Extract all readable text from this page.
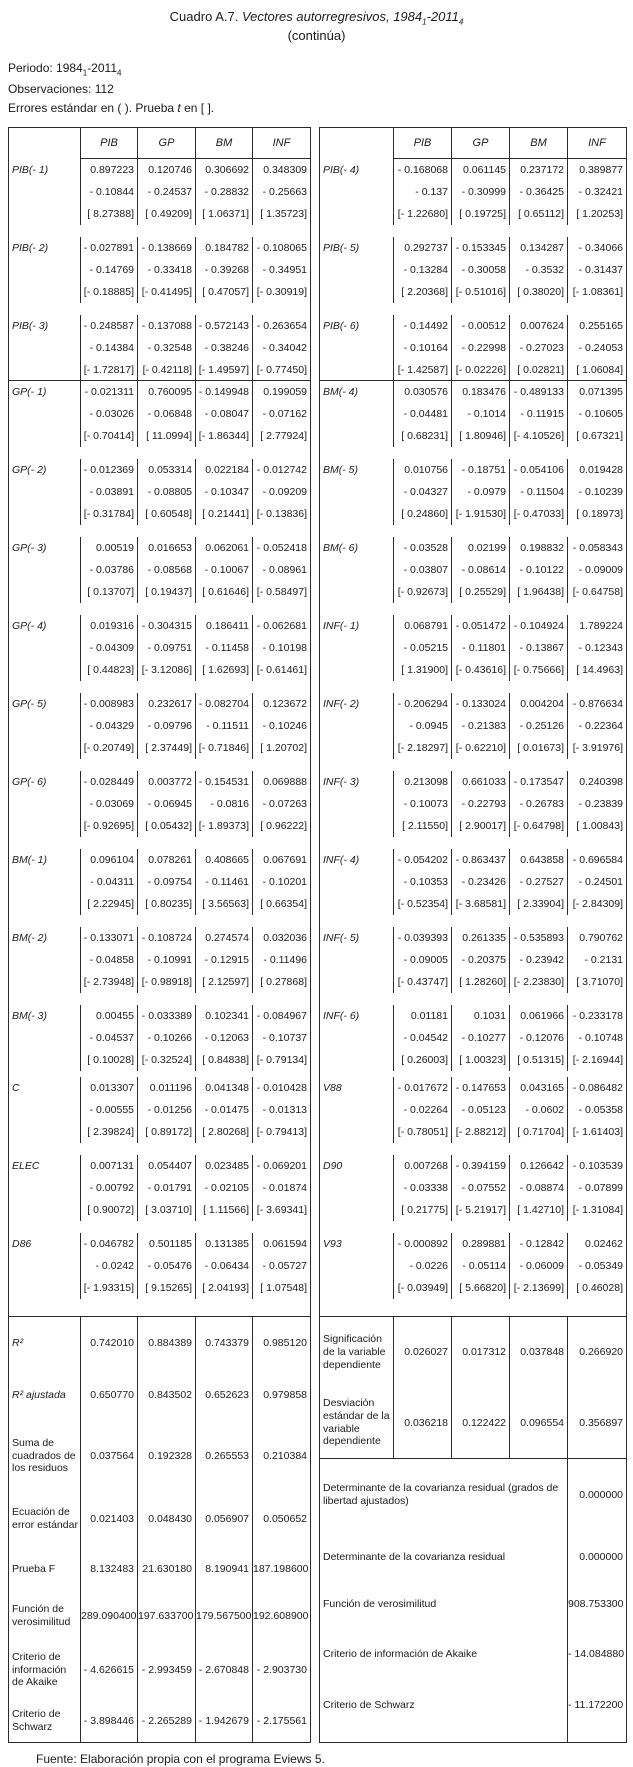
Cuadro A.7. Vectores autorregresivos, $1984_1-2011_4$
(continúa)
Periodo: $1984_1-2011_4$
Observaciones: 112
Errores estándar en ( ). Prueba t en [ ].
	PIB	GP	BM	INF
PIB(- 1)	0.897223	0.120746	0.306692	0.348309
	- 0.10844	- 0.24537	- 0.28832	- 0.25663
	[ 8.27388]	[ 0.49209]	[ 1.06371]	[ 1.35723]

PIB(- 2)	- 0.027891	- 0.138669	0.184782	- 0.108065
	- 0.14769	- 0.33418	- 0.39268	- 0.34951
	[- 0.18885]	[- 0.41495]	[ 0.47057]	[- 0.30919]

PIB(- 3)	- 0.248587	- 0.137088	- 0.572143	- 0.263654
	- 0.14384	- 0.32548	- 0.38246	- 0.34042
	[- 1.72817]	[- 0.42118]	[- 1.49597]	[- 0.77450]
GP(- 1)	- 0.021311	0.760095	- 0.149948	0.199059
	- 0.03026	- 0.06848	- 0.08047	- 0.07162
	[- 0.70414]	[ 11.0994]	[- 1.86344]	[ 2.77924]

GP(- 2)	- 0.012369	0.053314	0.022184	- 0.012742
	- 0.03891	- 0.08805	- 0.10347	- 0.09209
	[- 0.31784]	[ 0.60548]	[ 0.21441]	[- 0.13836]

GP(- 3)	0.00519	0.016653	0.062061	- 0.052418
	- 0.03786	- 0.08568	- 0.10067	- 0.08961
	[ 0.13707]	[ 0.19437]	[ 0.61646]	[- 0.58497]

GP(- 4)	0.019316	- 0.304315	0.186411	- 0.062681
	- 0.04309	- 0.09751	- 0.11458	- 0.10198
	[ 0.44823]	[- 3.12086]	[ 1.62693]	[- 0.61461]

GP(- 5)	- 0.008983	0.232617	- 0.082704	0.123672
	- 0.04329	- 0.09796	- 0.11511	- 0.10246
	[- 0.20749]	[ 2.37449]	[- 0.71846]	[ 1.20702]

GP(- 6)	- 0.028449	0.003772	- 0.154531	0.069888
	- 0.03069	- 0.06945	- 0.0816	- 0.07263
	[- 0.92695]	[ 0.05432]	[- 1.89373]	[ 0.96222]

BM(- 1)	0.096104	0.078261	0.408665	0.067691
	- 0.04311	- 0.09754	- 0.11461	- 0.10201
	[ 2.22945]	[ 0.80235]	[ 3.56563]	[ 0.66354]

BM(- 2)	- 0.133071	- 0.108724	0.274574	0.032036
	- 0.04858	- 0.10991	- 0.12915	- 0.11496
	[- 2.73948]	[- 0.98918]	[ 2.12597]	[ 0.27868]

BM(- 3)	0.00455	- 0.033389	0.102341	- 0.084967
	- 0.04537	- 0.10266	- 0.12063	- 0.10737
	[ 0.10028]	[- 0.32524]	[ 0.84838]	[- 0.79134]

C	0.013307	0.011196	0.041348	- 0.010428
	- 0.00555	- 0.01256	- 0.01475	- 0.01313
	[ 2.39824]	[ 0.89172]	[ 2.80268]	[- 0.79413]

ELEC	0.007131	0.054407	0.023485	- 0.069201
	- 0.00792	- 0.01791	- 0.02105	- 0.01874
	[ 0.90072]	[ 3.03710]	[ 1.11566]	[- 3.69341]

D86	- 0.046782	0.501185	0.131385	0.061594
	- 0.0242	- 0.05476	- 0.06434	- 0.05727
	[- 1.93315]	[ 9.15265]	[ 2.04193]	[ 1.07548]

R²	0.742010	0.884389	0.743379	0.985120
R² ajustada	0.650770	0.843502	0.652623	0.979858
Suma de cuadrados de los residuos	0.037564	0.192328	0.265553	0.210384
Ecuación de error estándar	0.021403	0.048430	0.056907	0.050652
Prueba F	8.132483	21.630180	8.190941	187.198600
Función de verosimilitud	289.090400	197.633700	179.567500	192.608900
Criterio de información de Akaike	- 4.626615	- 2.993459	- 2.670848	- 2.903730
Criterio de Schwarz	- 3.898446	- 2.265289	- 1.942679	- 2.175561
	PIB	GP	BM	INF
PIB(- 4)	- 0.168068	0.061145	0.237172	0.389877
	- 0.137	- 0.30999	- 0.36425	- 0.32421
	[- 1.22680]	[ 0.19725]	[ 0.65112]	[ 1.20253]

PIB(- 5)	0.292737	- 0.153345	0.134287	- 0.34066
	- 0.13284	- 0.30058	- 0.3532	- 0.31437
	[ 2.20368]	[- 0.51016]	[ 0.38020]	[- 1.08361]

PIB(- 6)	- 0.14492	- 0.00512	0.007624	0.255165
	- 0.10164	- 0.22998	- 0.27023	- 0.24053
	[- 1.42587]	[- 0.02226]	[ 0.02821]	[ 1.06084]
BM(- 4)	0.030576	0.183476	- 0.489133	0.071395
	- 0.04481	- 0.1014	- 0.11915	- 0.10605
	[ 0.68231]	[ 1.80946]	[- 4.10526]	[ 0.67321]

BM(- 5)	0.010756	- 0.18751	- 0.054106	0.019428
	- 0.04327	- 0.0979	- 0.11504	- 0.10239
	[ 0.24860]	[- 1.91530]	[- 0.47033]	[ 0.18973]

BM(- 6)	- 0.03528	0.02199	0.198832	- 0.058343
	- 0.03807	- 0.08614	- 0.10122	- 0.09009
	[- 0.92673]	[ 0.25529]	[ 1.96438]	[- 0.64758]

INF(- 1)	0.068791	- 0.051472	- 0.104924	1.789224
	- 0.05215	- 0.11801	- 0.13867	- 0.12343
	[ 1.31900]	[- 0.43616]	[- 0.75666]	[ 14.4963]

INF(- 2)	- 0.206294	- 0.133024	0.004204	- 0.876634
	- 0.0945	- 0.21383	- 0.25126	- 0.22364
	[- 2.18297]	[- 0.62210]	[ 0.01673]	[- 3.91976]

INF(- 3)	0.213098	0.661033	- 0.173547	0.240398
	- 0.10073	- 0.22793	- 0.26783	- 0.23839
	[ 2.11550]	[ 2.90017]	[- 0.64798]	[ 1.00843]

INF(- 4)	- 0.054202	- 0.863437	0.643858	- 0.696584
	- 0.10353	- 0.23426	- 0.27527	- 0.24501
	[- 0.52354]	[- 3.68581]	[ 2.33904]	[- 2.84309]

INF(- 5)	- 0.039393	0.261335	- 0.535893	0.790762
	- 0.09005	- 0.20375	- 0.23942	- 0.2131
	[- 0.43747]	[ 1.28260]	[- 2.23830]	[ 3.71070]

INF(- 6)	0.01181	0.1031	0.061966	- 0.233178
	- 0.04542	- 0.10277	- 0.12076	- 0.10748
	[ 0.26003]	[ 1.00323]	[ 0.51315]	[- 2.16944]

V88	- 0.017672	- 0.147653	0.043165	- 0.086482
	- 0.02264	- 0.05123	- 0.0602	- 0.05358
	[- 0.78051]	[- 2.88212]	[ 0.71704]	[- 1.61403]

D90	0.007268	- 0.394159	0.126642	- 0.103539
	- 0.03338	- 0.07552	- 0.08874	- 0.07899
	[ 0.21775]	[- 5.21917]	[ 1.42710]	[- 1.31084]

V93	- 0.000892	0.289881	- 0.12842	0.02462
	- 0.0226	- 0.05114	- 0.06009	- 0.05349
	[- 0.03949]	[ 5.66820]	[- 2.13699]	[ 0.46028]

Significación de la variable dependiente	0.026027	0.017312	0.037848	0.266920
Desviación estándar de la variable dependiente	0.036218	0.122422	0.096554	0.356897
Determinante de la covarianza residual (grados de libertad ajustados)				0.000000
Determinante de la covarianza residual				0.000000
Función de verosimilitud				908.753300
Criterio de información de Akaike				- 14.084880
Criterio de Schwarz				- 11.172200

Fuente: Elaboración propia con el programa Eviews 5.
